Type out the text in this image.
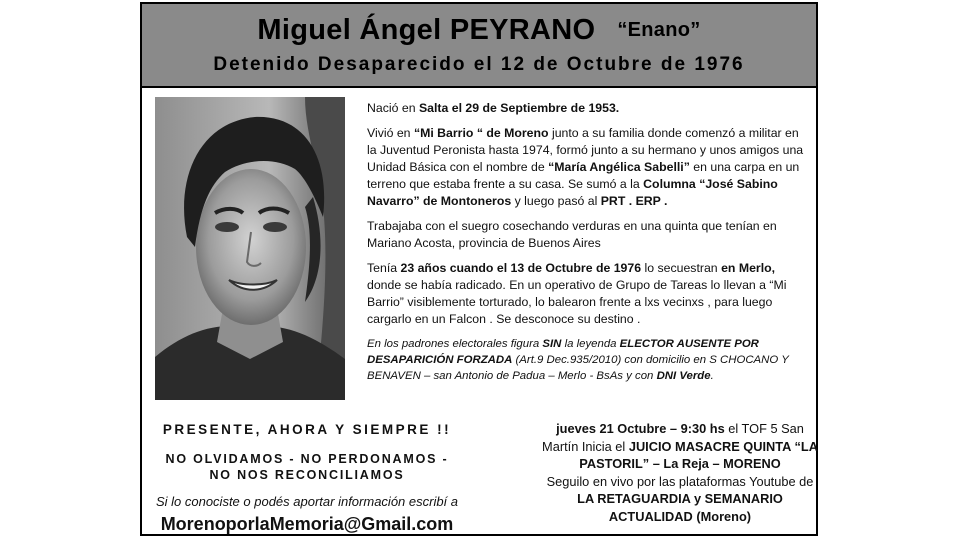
Miguel Ángel PEYRANO “Enano”
Detenido Desaparecido el 12 de Octubre de 1976

Nació en Salta el 29 de Septiembre de 1953.

Vivió en “Mi Barrio “ de Moreno junto a su familia donde comenzó a militar en la Juventud Peronista hasta 1974, formó junto a su hermano y unos amigos una Unidad Básica con el nombre de “María Angélica Sabelli” en una carpa en un terreno que estaba frente a su casa. Se sumó a la Columna “José Sabino Navarro” de Montoneros y luego pasó al PRT . ERP .

Trabajaba con el suegro cosechando verduras en una quinta que tenían en Mariano Acosta, provincia de Buenos Aires

Tenía 23 años cuando el 13 de Octubre de 1976 lo secuestran en Merlo, donde se había radicado. En un operativo de Grupo de Tareas lo llevan a “Mi Barrio” visiblemente torturado, lo balearon frente a lxs vecinxs , para luego cargarlo en un Falcon . Se desconoce su destino .

En los padrones electorales figura SIN la leyenda ELECTOR AUSENTE POR DESAPARICIÓN FORZADA (Art.9 Dec.935/2010) con domicilio en S CHOCANO Y BENAVEN – san Antonio de Padua – Merlo - BsAs y con DNI Verde.

PRESENTE, AHORA Y SIEMPRE !!
NO OLVIDAMOS - NO PERDONAMOS -
NO NOS RECONCILIAMOS
Si lo conociste o podés aportar información escribí a
MorenoporlaMemoria@Gmail.com
jueves 21 Octubre – 9:30 hs el TOF 5 San Martín Inicia el JUICIO MASACRE QUINTA “LA PASTORIL” – La Reja – MORENO
Seguilo en vivo por las plataformas Youtube de LA RETAGUARDIA y SEMANARIO ACTUALIDAD (Moreno)
